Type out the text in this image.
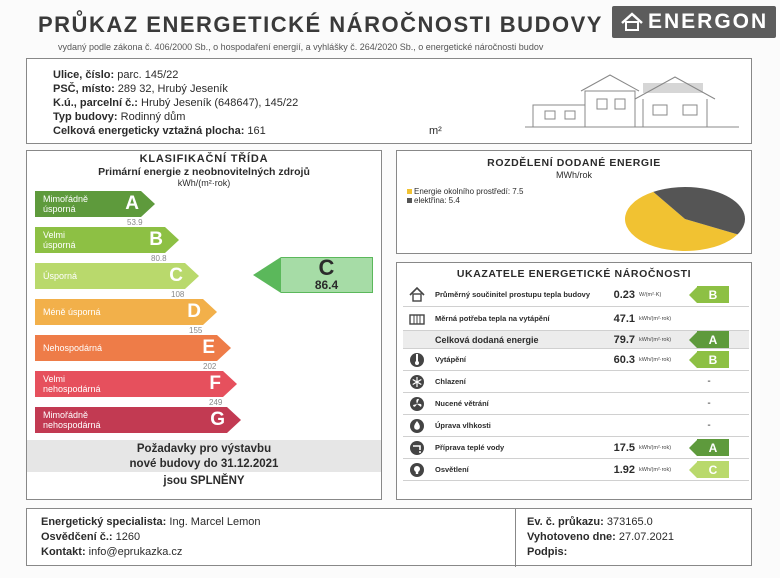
PRŮKAZ ENERGETICKÉ NÁROČNOSTI BUDOVY
vydaný podle zákona č. 406/2000 Sb., o hospodaření energií, a vyhlášky č. 264/2020 Sb., o energetické náročnosti budov
ENERGON
Ulice, číslo: parc. 145/22
PSČ, místo: 289 32, Hrubý Jeseník
K.ú., parcelní č.: Hrubý Jeseník (648647), 145/22
Typ budovy: Rodinný dům
Celková energeticky vztažná plocha: 161	m²
KLASIFIKAČNÍ TŘÍDA
Primární energie z neobnovitelných zdrojů
kWh/(m²·rok)
Mimořádně
úsporná	A
53.9
Velmi
úsporná	B
80.8
Úsporná	C
108
Méně úsporná	D
155
Nehospodárná	E
202
Velmi
nehospodárná	F
249
Mimořádně
nehospodárná	G
C
86.4
Požadavky pro výstavbu
nové budovy do 31.12.2021
jsou SPLNĚNY
ROZDĚLENÍ DODANÉ ENERGIE
MWh/rok
Energie okolního prostředí: 7.5
elektřina: 5.4
UKAZATELE ENERGETICKÉ NÁROČNOSTI
Průměrný součinitel prostupu tepla budovy	0.23 W/(m²·K)	B
Měrná potřeba tepla na vytápění	47.1 kWh/(m²·rok)
Celková dodaná energie	79.7 kWh/(m²·rok)	A
Vytápění	60.3 kWh/(m²·rok)	B
Chlazení	-
Nucené větrání	-
Úprava vlhkosti	-
Příprava teplé vody	17.5 kWh/(m²·rok)	A
Osvětlení	1.92 kWh/(m²·rok)	C
Energetický specialista: Ing. Marcel Lemon
Osvědčení č.: 1260
Kontakt: info@eprukazka.cz
Ev. č. průkazu: 373165.0
Vyhotoveno dne: 27.07.2021
Podpis:
